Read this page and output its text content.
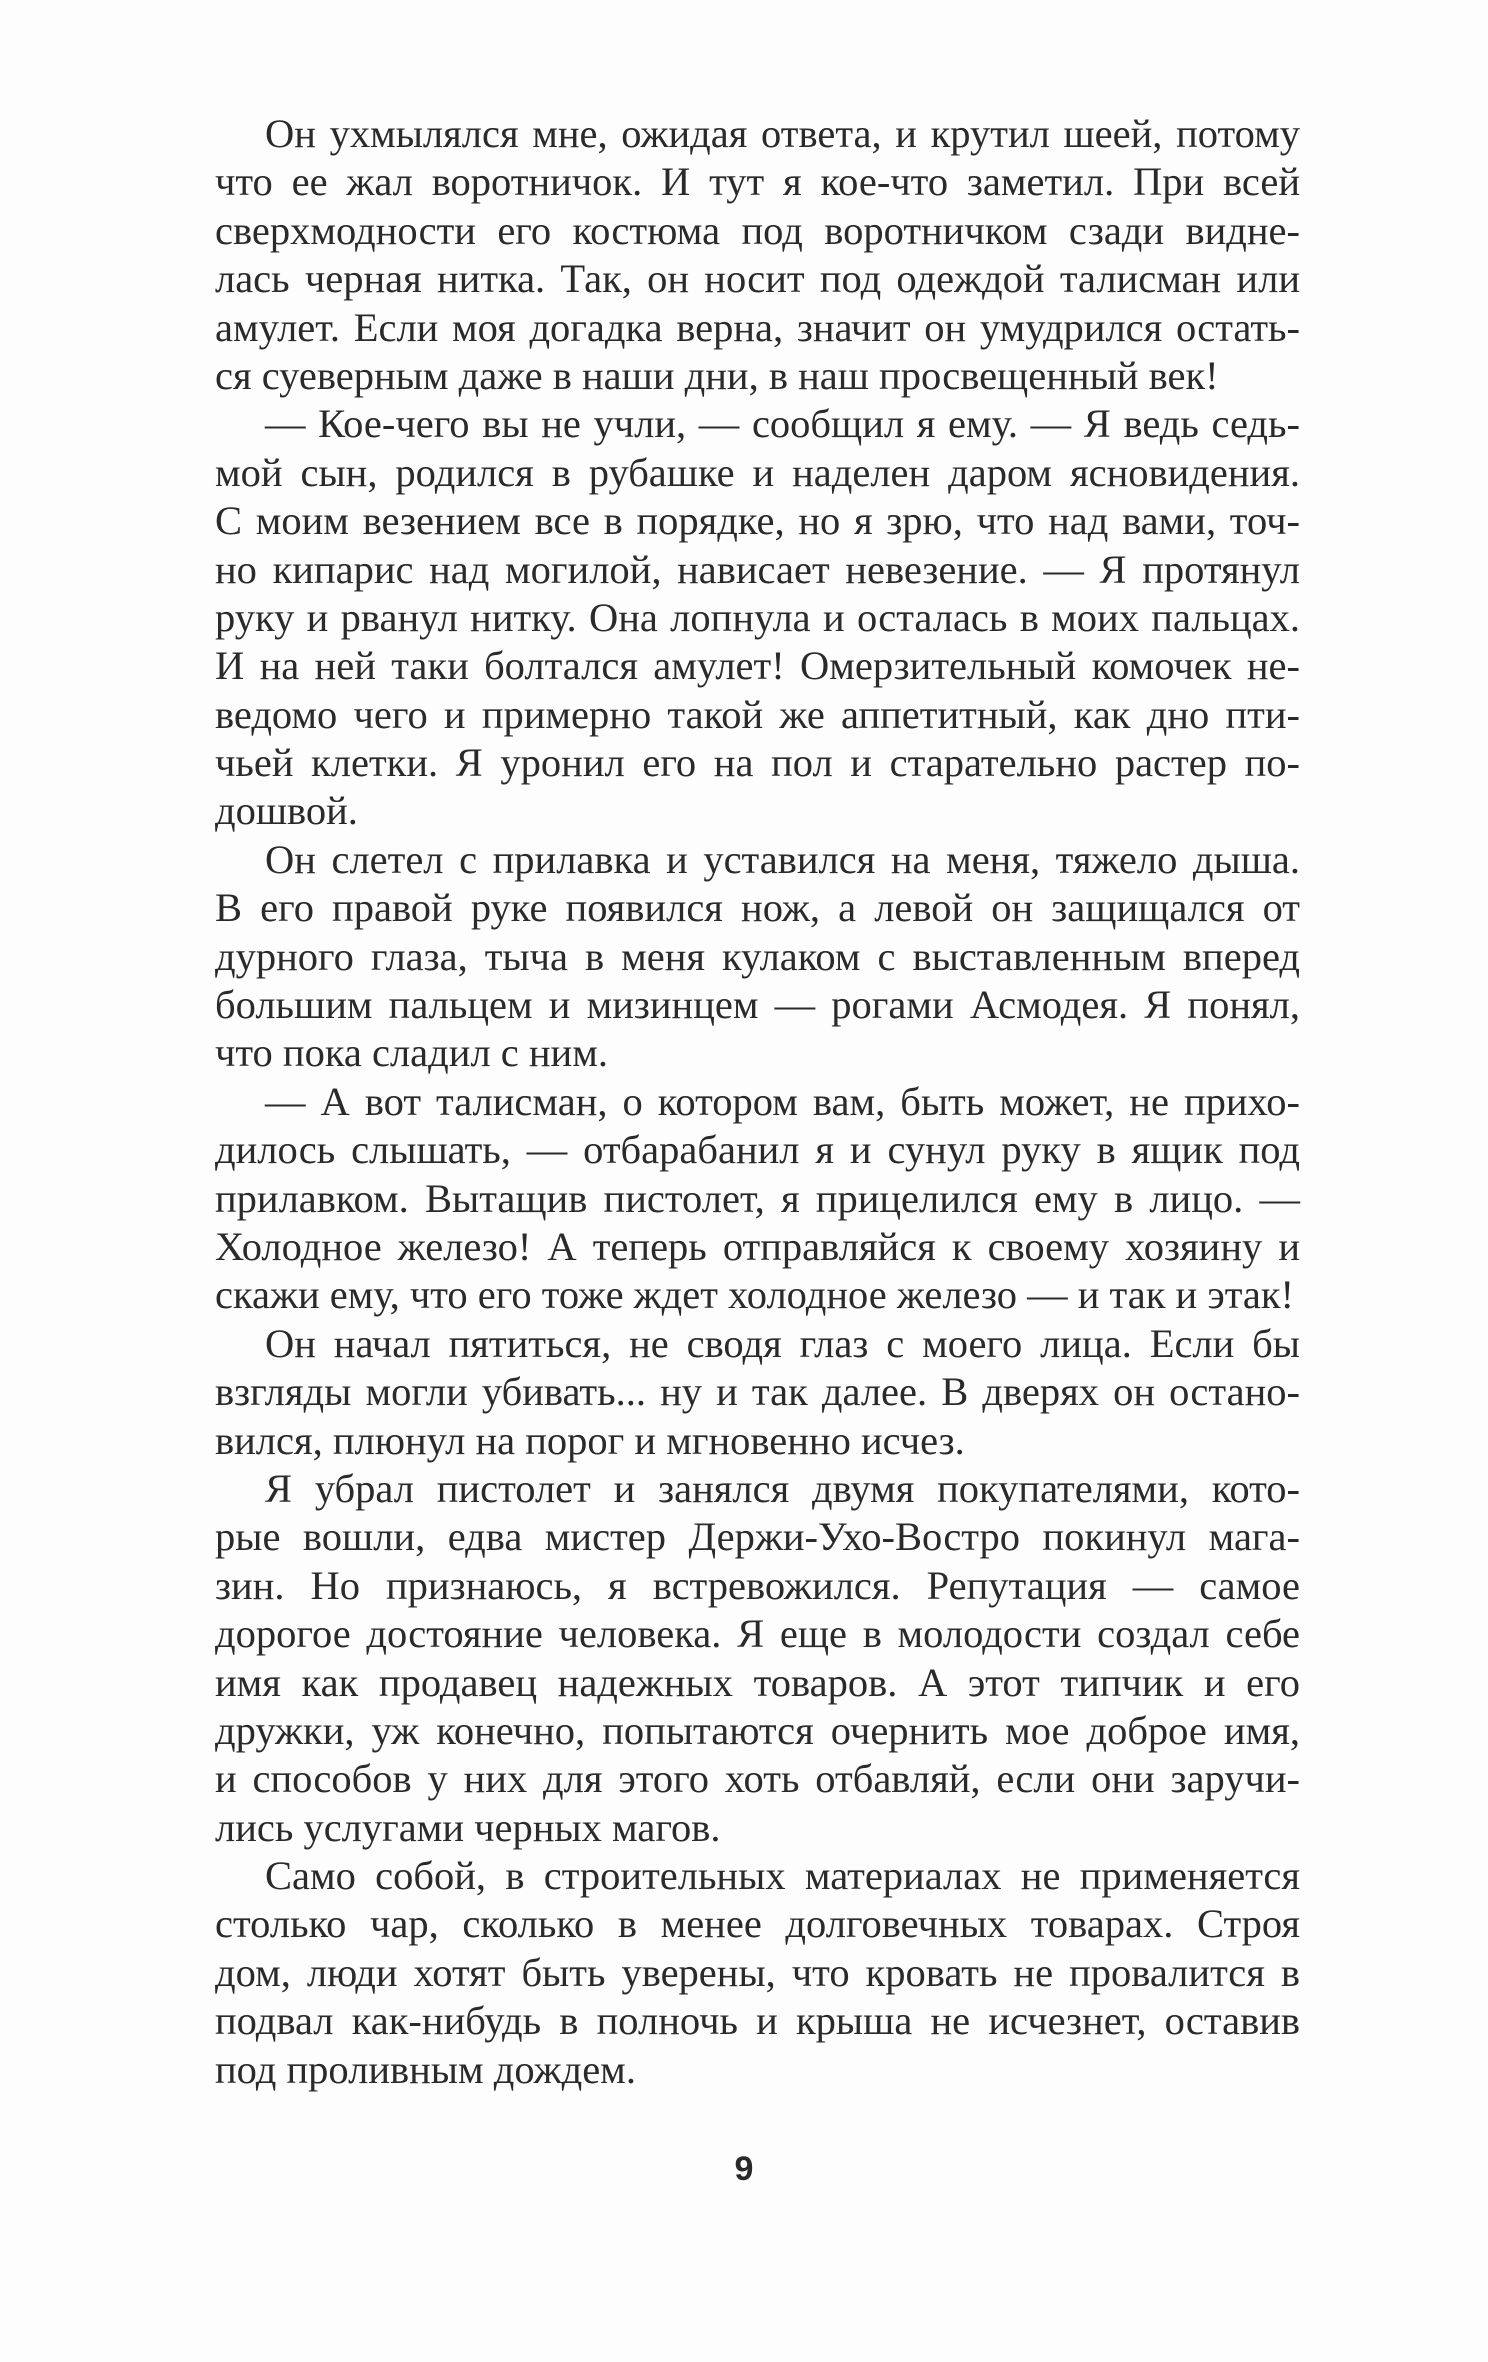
Он ухмылялся мне, ожидая ответа, и крутил шеей, потому
что ее жал воротничок. И тут я кое-что заметил. При всей
сверхмодности его костюма под воротничком сзади видне-
лась черная нитка. Так, он носит под одеждой талисман или
амулет. Если моя догадка верна, значит он умудрился остать-
ся суеверным даже в наши дни, в наш просвещенный век!
— Кое-чего вы не учли, — сообщил я ему. — Я ведь седь-
мой сын, родился в рубашке и наделен даром ясновидения.
С моим везением все в порядке, но я зрю, что над вами, точ-
но кипарис над могилой, нависает невезение. — Я протянул
руку и рванул нитку. Она лопнула и осталась в моих пальцах.
И на ней таки болтался амулет! Омерзительный комочек не-
ведомо чего и примерно такой же аппетитный, как дно пти-
чьей клетки. Я уронил его на пол и старательно растер по-
дошвой.
Он слетел с прилавка и уставился на меня, тяжело дыша.
В его правой руке появился нож, а левой он защищался от
дурного глаза, тыча в меня кулаком с выставленным вперед
большим пальцем и мизинцем — рогами Асмодея. Я понял,
что пока сладил с ним.
— А вот талисман, о котором вам, быть может, не прихо-
дилось слышать, — отбарабанил я и сунул руку в ящик под
прилавком. Вытащив пистолет, я прицелился ему в лицо. —
Холодное железо! А теперь отправляйся к своему хозяину и
скажи ему, что его тоже ждет холодное железо — и так и этак!
Он начал пятиться, не сводя глаз с моего лица. Если бы
взгляды могли убивать... ну и так далее. В дверях он остано-
вился, плюнул на порог и мгновенно исчез.
Я убрал пистолет и занялся двумя покупателями, кото-
рые вошли, едва мистер Держи-Ухо-Востро покинул мага-
зин. Но признаюсь, я встревожился. Репутация — самое
дорогое достояние человека. Я еще в молодости создал себе
имя как продавец надежных товаров. А этот типчик и его
дружки, уж конечно, попытаются очернить мое доброе имя,
и способов у них для этого хоть отбавляй, если они заручи-
лись услугами черных магов.
Само собой, в строительных материалах не применяется
столько чар, сколько в менее долговечных товарах. Строя
дом, люди хотят быть уверены, что кровать не провалится в
подвал как-нибудь в полночь и крыша не исчезнет, оставив
под проливным дождем.
9
